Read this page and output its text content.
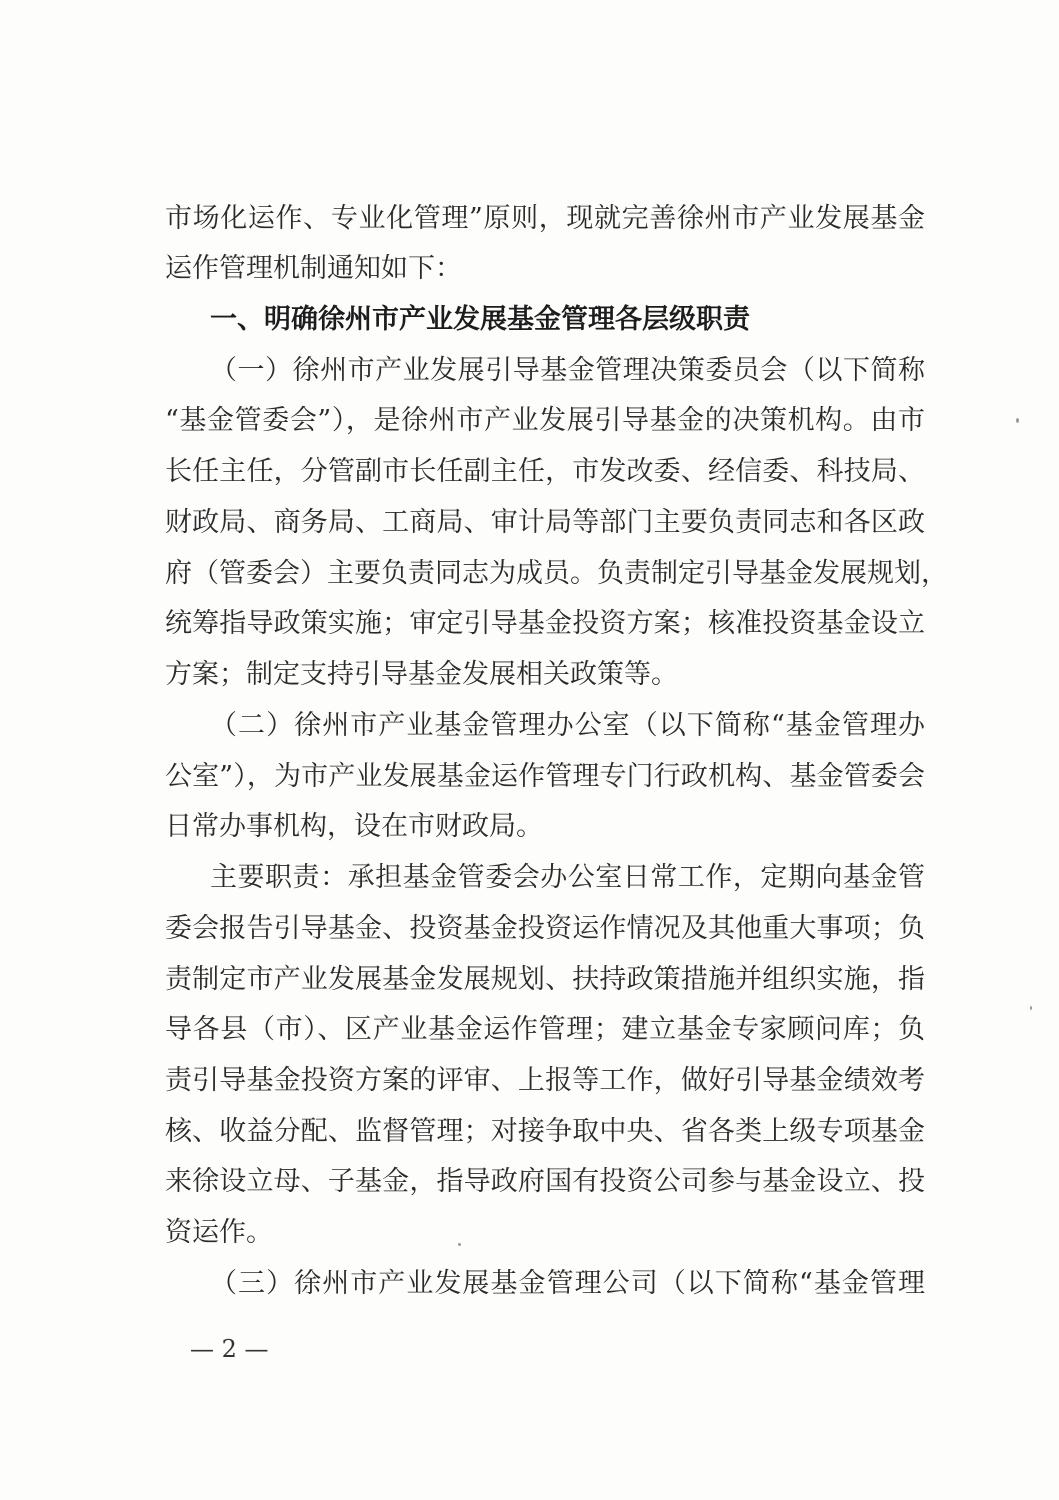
市场化运作、专业化管理”原则，现就完善徐州市产业发展基金
运作管理机制通知如下：
一、明确徐州市产业发展基金管理各层级职责
（一）徐州市产业发展引导基金管理决策委员会（以下简称
“基金管委会”），是徐州市产业发展引导基金的决策机构。由市
长任主任，分管副市长任副主任，市发改委、经信委、科技局、
财政局、商务局、工商局、审计局等部门主要负责同志和各区政
府（管委会）主要负责同志为成员。负责制定引导基金发展规划，
统筹指导政策实施；审定引导基金投资方案；核准投资基金设立
方案；制定支持引导基金发展相关政策等。
（二）徐州市产业基金管理办公室（以下简称“基金管理办
公室”），为市产业发展基金运作管理专门行政机构、基金管委会
日常办事机构，设在市财政局。
主要职责：承担基金管委会办公室日常工作，定期向基金管
委会报告引导基金、投资基金投资运作情况及其他重大事项；负
责制定市产业发展基金发展规划、扶持政策措施并组织实施，指
导各县（市）、区产业基金运作管理；建立基金专家顾问库；负
责引导基金投资方案的评审、上报等工作，做好引导基金绩效考
核、收益分配、监督管理；对接争取中央、省各类上级专项基金
来徐设立母、子基金，指导政府国有投资公司参与基金设立、投
资运作。
（三）徐州市产业发展基金管理公司（以下简称“基金管理
— 2 —
